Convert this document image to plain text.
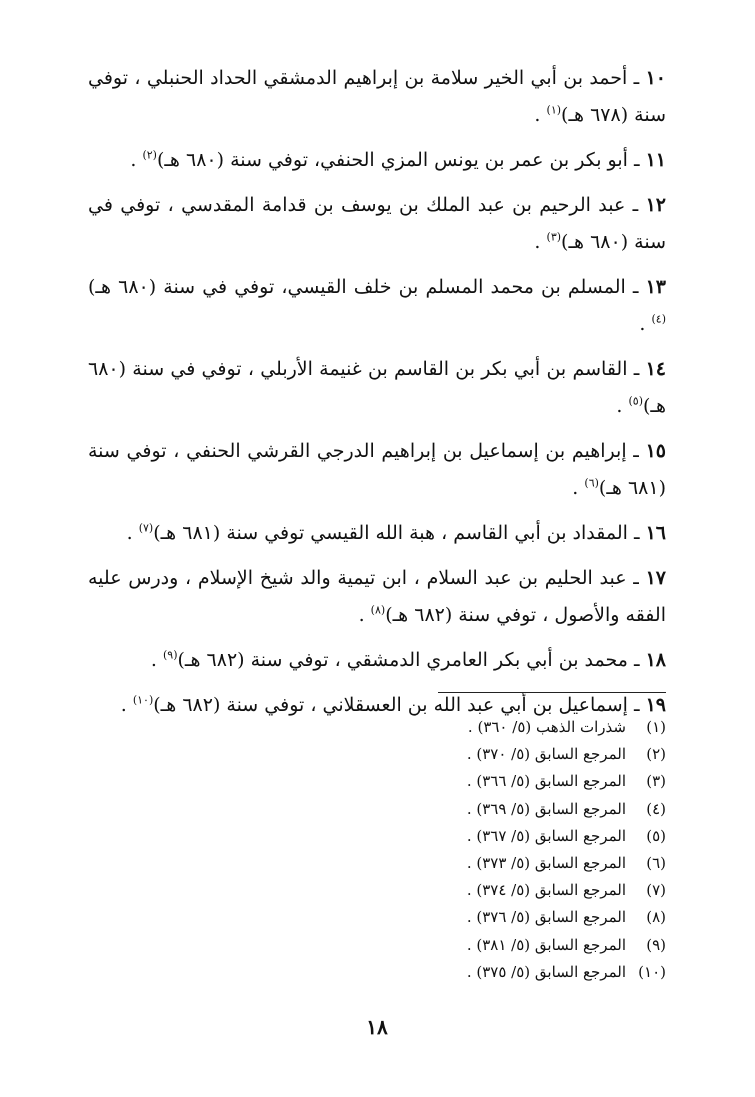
١٠ ـ أحمد بن أبي الخير سلامة بن إبراهيم الدمشقي الحداد الحنبلي ، توفي سنة (٦٧٨ هـ)$^{(١)}$ .

١١ ـ أبو بكر بن عمر بن يونس المزي الحنفي، توفي سنة (٦٨٠ هـ)$^{(٢)}$ .

١٢ ـ عبد الرحيم بن عبد الملك بن يوسف بن قدامة المقدسي ، توفي في سنة (٦٨٠ هـ)$^{(٣)}$ .

١٣ ـ المسلم بن محمد المسلم بن خلف القيسي، توفي في سنة (٦٨٠ هـ)$^{(٤)}$ .

١٤ ـ القاسم بن أبي بكر بن القاسم بن غنيمة الأربلي ، توفي في سنة (٦٨٠ هـ)$^{(٥)}$ .

١٥ ـ إبراهيم بن إسماعيل بن إبراهيم الدرجي القرشي الحنفي ، توفي سنة (٦٨١ هـ)$^{(٦)}$ .

١٦ ـ المقداد بن أبي القاسم ، هبة الله القيسي توفي سنة (٦٨١ هـ)$^{(٧)}$ .

١٧ ـ عبد الحليم بن عبد السلام ، ابن تيمية والد شيخ الإسلام ، ودرس عليه الفقه والأصول ، توفي سنة (٦٨٢ هـ)$^{(٨)}$ .

١٨ ـ محمد بن أبي بكر العامري الدمشقي ، توفي سنة (٦٨٢ هـ)$^{(٩)}$ .

١٩ ـ إسماعيل بن أبي عبد الله بن العسقلاني ، توفي سنة (٦٨٢ هـ)$^{(١٠)}$ .

(١)شذرات الذهب (٥/ ٣٦٠) .
(٢)المرجع السابق (٥/ ٣٧٠) .
(٣)المرجع السابق (٥/ ٣٦٦) .
(٤)المرجع السابق (٥/ ٣٦٩) .
(٥)المرجع السابق (٥/ ٣٦٧) .
(٦)المرجع السابق (٥/ ٣٧٣) .
(٧)المرجع السابق (٥/ ٣٧٤) .
(٨)المرجع السابق (٥/ ٣٧٦) .
(٩)المرجع السابق (٥/ ٣٨١) .
(١٠)المرجع السابق (٥/ ٣٧٥) .
١٨
